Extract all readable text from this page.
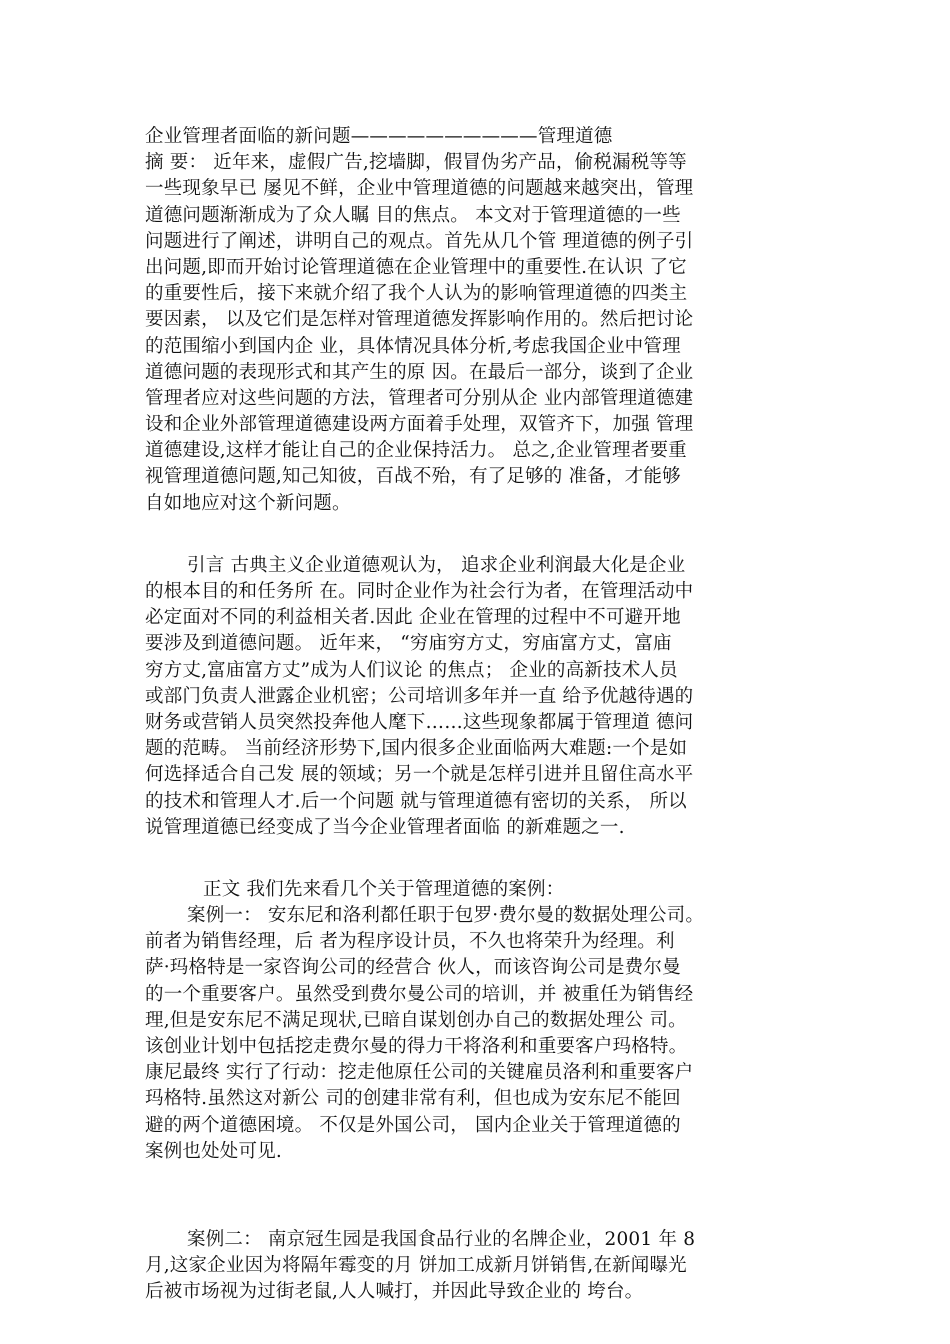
企业管理者面临的新问题——————————管理道德
摘 要： 近年来，虚假广告,挖墙脚，假冒伪劣产品，偷税漏税等等
一些现象早已 屡见不鲜，企业中管理道德的问题越来越突出，管理
道德问题渐渐成为了众人瞩 目的焦点。 本文对于管理道德的一些
问题进行了阐述，讲明自己的观点。首先从几个管 理道德的例子引
出问题,即而开始讨论管理道德在企业管理中的重要性.在认识 了它
的重要性后，接下来就介绍了我个人认为的影响管理道德的四类主
要因素， 以及它们是怎样对管理道德发挥影响作用的。然后把讨论
的范围缩小到国内企 业，具体情况具体分析,考虑我国企业中管理
道德问题的表现形式和其产生的原 因。在最后一部分，谈到了企业
管理者应对这些问题的方法，管理者可分别从企 业内部管理道德建
设和企业外部管理道德建设两方面着手处理，双管齐下，加强 管理
道德建设,这样才能让自己的企业保持活力。 总之,企业管理者要重
视管理道德问题,知己知彼，百战不殆，有了足够的 准备，才能够
自如地应对这个新问题。
引言 古典主义企业道德观认为， 追求企业利润最大化是企业
的根本目的和任务所 在。同时企业作为社会行为者，在管理活动中
必定面对不同的利益相关者.因此 企业在管理的过程中不可避开地
要涉及到道德问题。 近年来， “穷庙穷方丈，穷庙富方丈，富庙
穷方丈,富庙富方丈”成为人们议论 的焦点； 企业的高新技术人员
或部门负责人泄露企业机密；公司培训多年并一直 给予优越待遇的
财务或营销人员突然投奔他人麾下……这些现象都属于管理道 德问
题的范畴。 当前经济形势下,国内很多企业面临两大难题:一个是如
何选择适合自己发 展的领域；另一个就是怎样引进并且留住高水平
的技术和管理人才.后一个问题 就与管理道德有密切的关系， 所以
说管理道德已经变成了当今企业管理者面临 的新难题之一.
正文 我们先来看几个关于管理道德的案例：
案例一： 安东尼和洛利都任职于包罗·费尔曼的数据处理公司。
前者为销售经理，后 者为程序设计员，不久也将荣升为经理。利
萨·玛格特是一家咨询公司的经营合 伙人，而该咨询公司是费尔曼
的一个重要客户。虽然受到费尔曼公司的培训，并 被重任为销售经
理,但是安东尼不满足现状,已暗自谋划创办自己的数据处理公 司。
该创业计划中包括挖走费尔曼的得力干将洛利和重要客户玛格特。
康尼最终 实行了行动：挖走他原任公司的关键雇员洛利和重要客户
玛格特.虽然这对新公 司的创建非常有利，但也成为安东尼不能回
避的两个道德困境。 不仅是外国公司， 国内企业关于管理道德的
案例也处处可见.
案例二： 南京冠生园是我国食品行业的名牌企业，2001 年 8
月,这家企业因为将隔年霉变的月 饼加工成新月饼销售,在新闻曝光
后被市场视为过街老鼠,人人喊打，并因此导致企业的 垮台。
